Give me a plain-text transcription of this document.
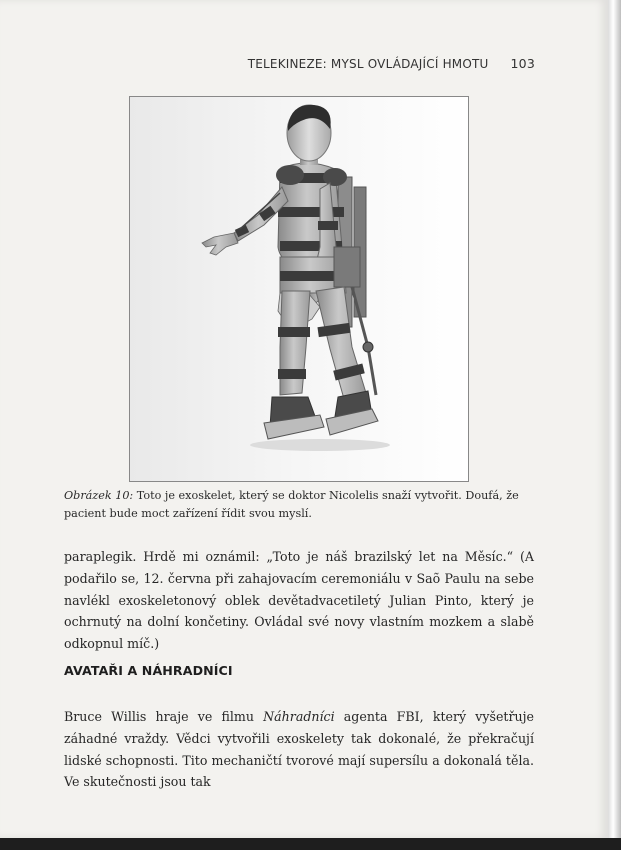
TELEKINEZE: MYSL OVLÁDAJÍCÍ HMOTU 103
Obrázek 10: Toto je exoskelet, který se doktor Nicolelis snaží vytvořit. Doufá, že pacient bude moct zařízení řídit svou myslí.

paraplegik. Hrdě mi oznámil: „Toto je náš brazilský let na Měsíc.“ (A podařilo se, 12. června při zahajovacím ceremoniálu v Saõ Paulu na sebe navlékl exoskeletonový oblek devětadvacetiletý Julian Pinto, který je ochrnutý na dolní končetiny. Ovládal své novy vlastním mozkem a slabě odkopnul míč.)

AVATAŘI A NÁHRADNÍCI

Bruce Willis hraje ve filmu Náhradníci agenta FBI, který vyšetřuje záhadné vraždy. Vědci vytvořili exoskelety tak dokonalé, že překračují lidské schopnosti. Tito mechaničtí tvorové mají supersílu a dokonalá těla. Ve skutečnosti jsou tak
